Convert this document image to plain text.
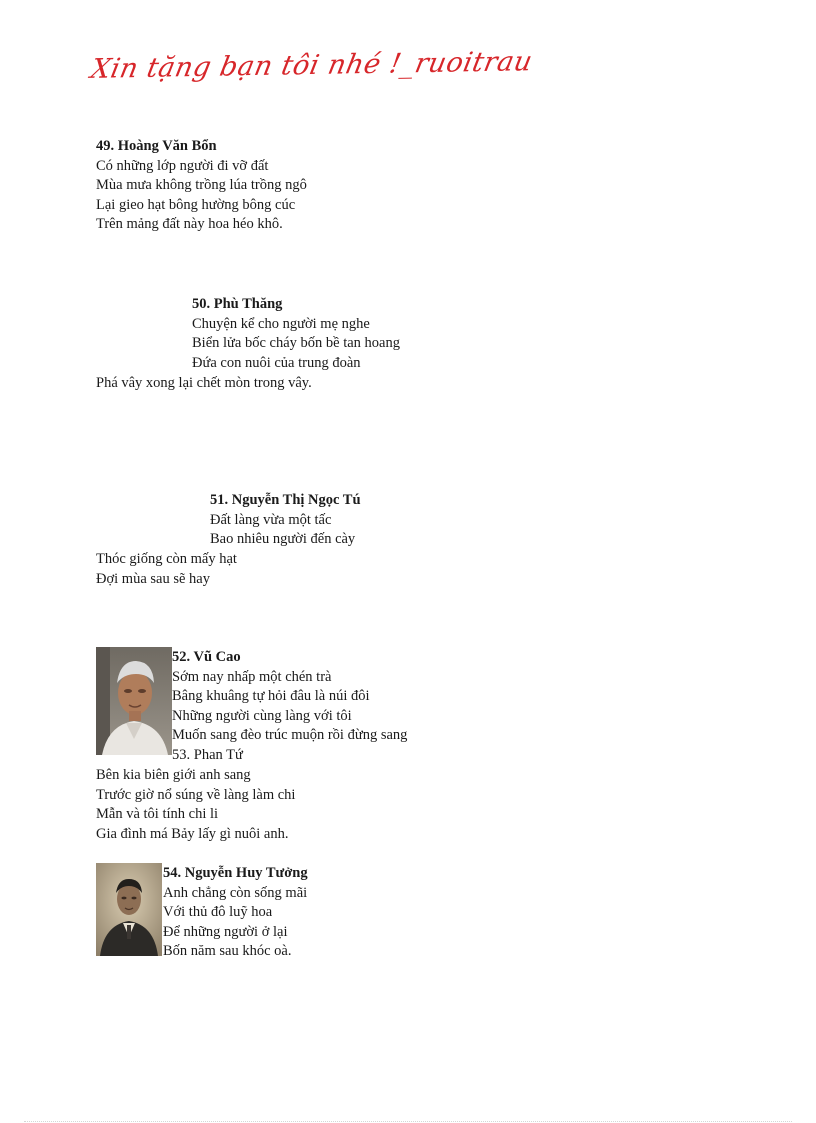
Xin tặng bạn tôi nhé !_ruoitrau
49. Hoàng Văn Bổn
Có những lớp người đi vỡ đất
Mùa mưa không trồng lúa trồng ngô
Lại gieo hạt bông hường bông cúc
Trên mảng đất này hoa héo khô.
50. Phù Thăng
Chuyện kể cho người mẹ nghe
Biển lửa bốc cháy bốn bề tan hoang
Đứa con nuôi của trung đoàn
Phá vây xong lại chết mòn trong vây.
51. Nguyễn Thị Ngọc Tú
Đất làng vừa một tấc
Bao nhiêu người đến cày
Thóc giống còn mấy hạt
Đợi mùa sau sẽ hay
52. Vũ Cao
Sớm nay nhấp một chén trà
Bâng khuâng tự hỏi đâu là núi đôi
Những người cùng làng với tôi
Muốn sang đèo trúc muộn rồi đừng sang
53. Phan Tứ
Bên kia biên giới anh sang
Trước giờ nổ súng về làng làm chi
Mẫn và tôi tính chi li
Gia đình má Bảy lấy gì nuôi anh.
54. Nguyễn Huy Tưởng
Anh chẳng còn sống mãi
Với thủ đô luỹ hoa
Để những người ở lại
Bốn năm sau khóc oà.
